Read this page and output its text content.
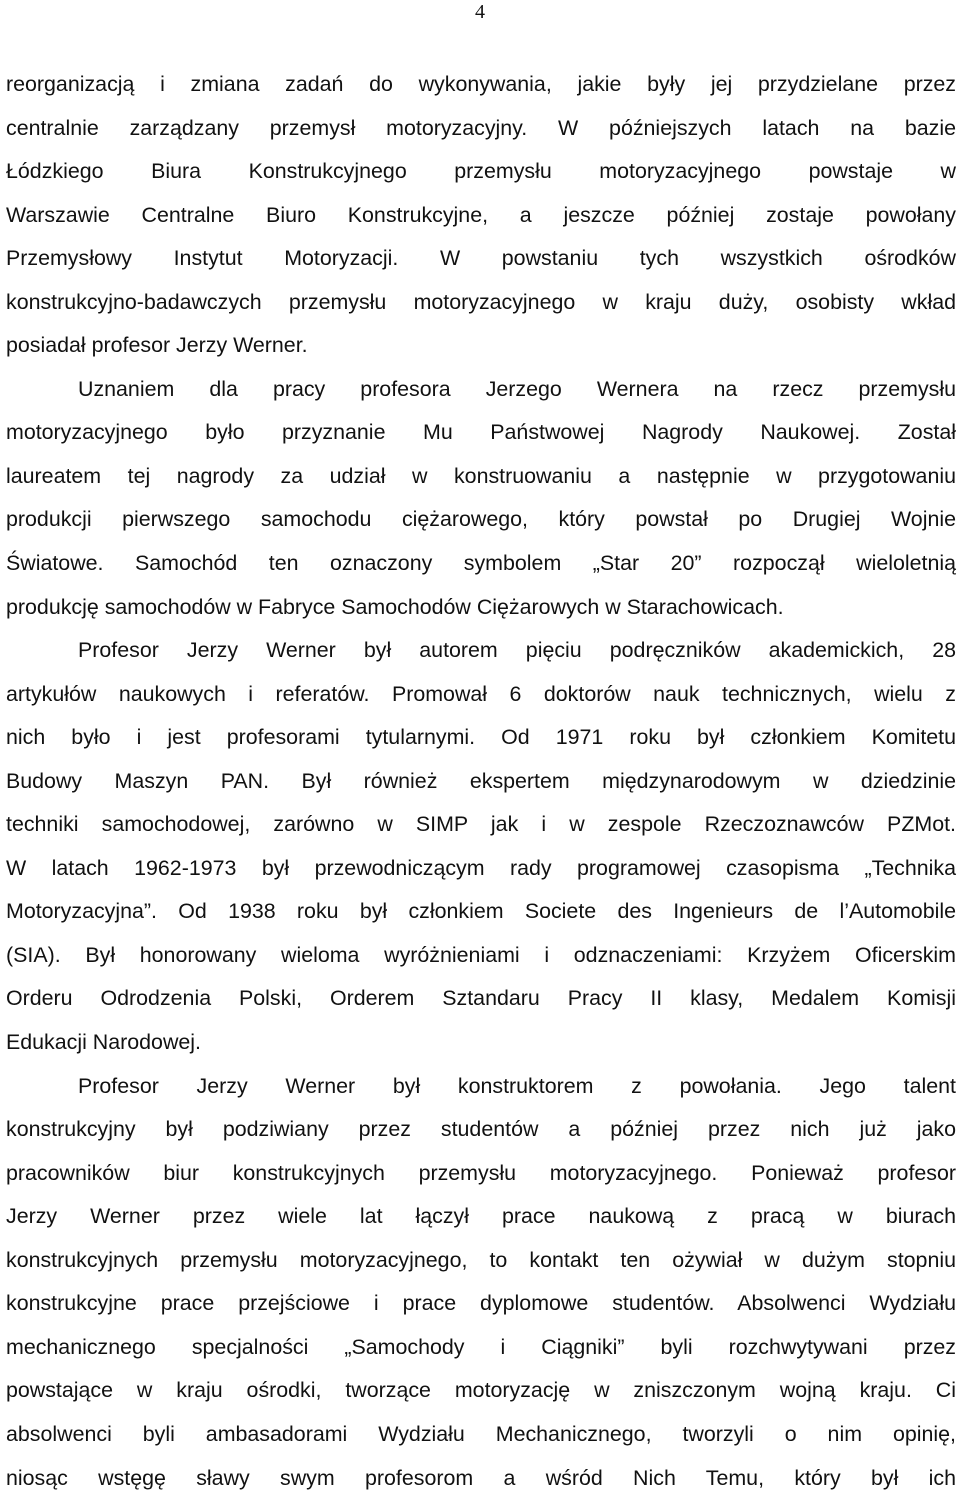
4
reorganizacją i zmiana zadań do wykonywania, jakie były jej przydzielane przez
centralnie zarządzany przemysł motoryzacyjny. W późniejszych latach na bazie
Łódzkiego Biura Konstrukcyjnego przemysłu motoryzacyjnego powstaje w
Warszawie Centralne Biuro Konstrukcyjne, a jeszcze później zostaje powołany
Przemysłowy Instytut Motoryzacji. W powstaniu tych wszystkich ośrodków
konstrukcyjno-badawczych przemysłu motoryzacyjnego w kraju duży, osobisty wkład
posiadał profesor Jerzy Werner.
Uznaniem dla pracy profesora Jerzego Wernera na rzecz przemysłu
motoryzacyjnego było przyznanie Mu Państwowej Nagrody Naukowej. Został
laureatem tej nagrody za udział w konstruowaniu a następnie w przygotowaniu
produkcji pierwszego samochodu ciężarowego, który powstał po Drugiej Wojnie
Światowe. Samochód ten oznaczony symbolem „Star 20” rozpoczął wieloletnią
produkcję samochodów w Fabryce Samochodów Ciężarowych w Starachowicach.
Profesor Jerzy Werner był autorem pięciu podręczników akademickich, 28
artykułów naukowych i referatów. Promował 6 doktorów nauk technicznych, wielu z
nich było i jest profesorami tytularnymi. Od 1971 roku był członkiem Komitetu
Budowy Maszyn PAN. Był również ekspertem międzynarodowym w dziedzinie
techniki samochodowej, zarówno w SIMP jak i w zespole Rzeczoznawców PZMot.
W latach 1962-1973 był przewodniczącym rady programowej czasopisma „Technika
Motoryzacyjna”. Od 1938 roku był członkiem Societe des Ingenieurs de l’Automobile
(SIA). Był honorowany wieloma wyróżnieniami i odznaczeniami: Krzyżem Oficerskim
Orderu Odrodzenia Polski, Orderem Sztandaru Pracy II klasy, Medalem Komisji
Edukacji Narodowej.
Profesor Jerzy Werner był konstruktorem z powołania. Jego talent
konstrukcyjny był podziwiany przez studentów a później przez nich już jako
pracowników biur konstrukcyjnych przemysłu motoryzacyjnego. Ponieważ profesor
Jerzy Werner przez wiele lat łączył prace naukową z pracą w biurach
konstrukcyjnych przemysłu motoryzacyjnego, to kontakt ten ożywiał w dużym stopniu
konstrukcyjne prace przejściowe i prace dyplomowe studentów. Absolwenci Wydziału
mechanicznego specjalności „Samochody i Ciągniki” byli rozchwytywani przez
powstające w kraju ośrodki, tworzące motoryzację w zniszczonym wojną kraju. Ci
absolwenci byli ambasadorami Wydziału Mechanicznego, tworzyli o nim opinię,
niosąc wstęgę sławy swym profesorom a wśród Nich Temu, który był ich
